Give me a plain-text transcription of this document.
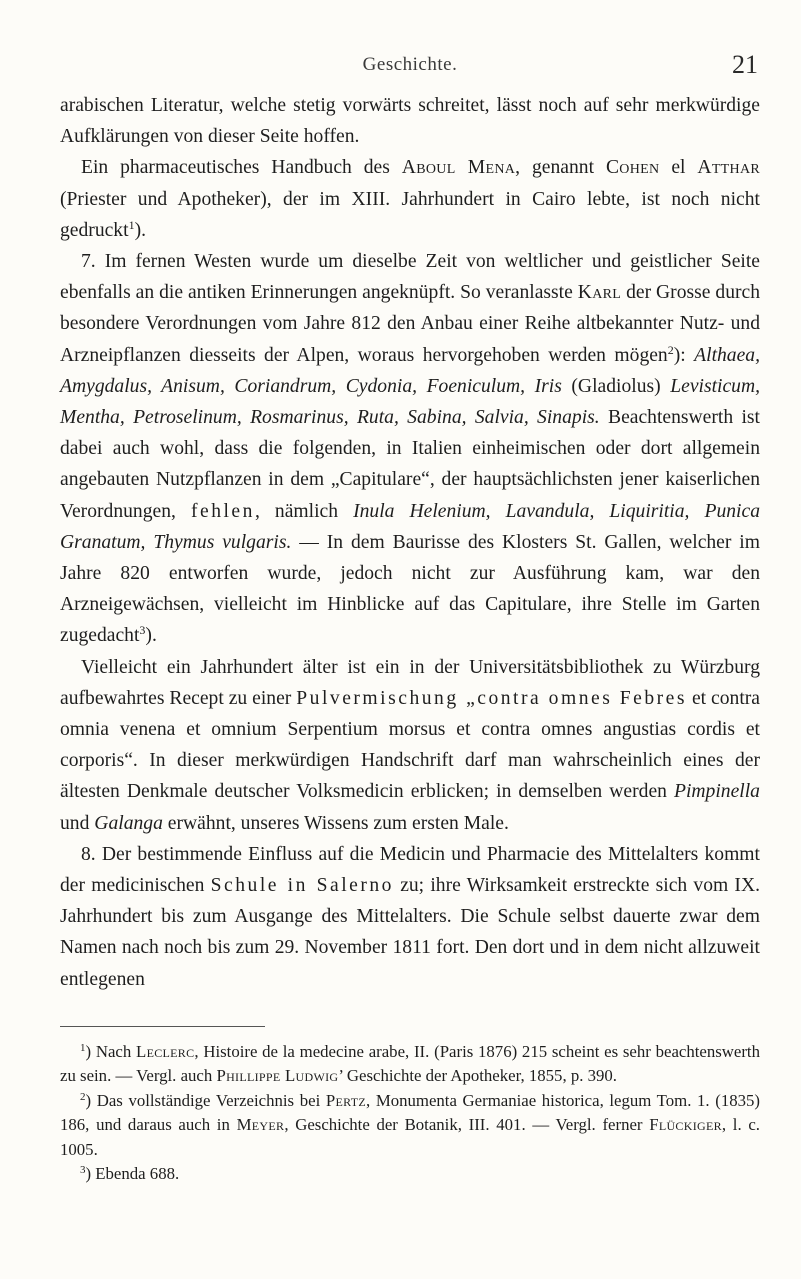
Geschichte.	21

arabischen Literatur, welche stetig vorwärts schreitet, lässt noch auf sehr merkwürdige Aufklärungen von dieser Seite hoffen.

Ein pharmaceutisches Handbuch des Aboul Mena, genannt Cohen el Atthar (Priester und Apotheker), der im XIII. Jahrhundert in Cairo lebte, ist noch nicht gedruckt$^1$).

7. Im fernen Westen wurde um dieselbe Zeit von weltlicher und geistlicher Seite ebenfalls an die antiken Erinnerungen angeknüpft. So veranlasste Karl der Grosse durch besondere Verordnungen vom Jahre 812 den Anbau einer Reihe altbekannter Nutz- und Arzneipflanzen diesseits der Alpen, woraus hervorgehoben werden mögen$^2$): Althaea, Amygdalus, Anisum, Coriandrum, Cydonia, Foeniculum, Iris (Gladiolus) Levisticum, Mentha, Petroselinum, Rosmarinus, Ruta, Sabina, Salvia, Sinapis. Beachtenswerth ist dabei auch wohl, dass die folgenden, in Italien einheimischen oder dort allgemein angebauten Nutzpflanzen in dem „Capitulare“, der hauptsächlichsten jener kaiserlichen Verordnungen, fehlen, nämlich Inula Helenium, Lavandula, Liquiritia, Punica Granatum, Thymus vulgaris. — In dem Baurisse des Klosters St. Gallen, welcher im Jahre 820 entworfen wurde, jedoch nicht zur Ausführung kam, war den Arzneigewächsen, vielleicht im Hinblicke auf das Capitulare, ihre Stelle im Garten zugedacht$^3$).

Vielleicht ein Jahrhundert älter ist ein in der Universitätsbibliothek zu Würzburg aufbewahrtes Recept zu einer Pulvermischung „contra omnes Febres et contra omnia venena et omnium Serpentium morsus et contra omnes angustias cordis et corporis“. In dieser merkwürdigen Handschrift darf man wahrscheinlich eines der ältesten Denkmale deutscher Volksmedicin erblicken; in demselben werden Pimpinella und Galanga erwähnt, unseres Wissens zum ersten Male.

8. Der bestimmende Einfluss auf die Medicin und Pharmacie des Mittelalters kommt der medicinischen Schule in Salerno zu; ihre Wirksamkeit erstreckte sich vom IX. Jahrhundert bis zum Ausgange des Mittelalters. Die Schule selbst dauerte zwar dem Namen nach noch bis zum 29. November 1811 fort. Den dort und in dem nicht allzuweit entlegenen

$^1$) Nach Leclerc, Histoire de la medecine arabe, II. (Paris 1876) 215 scheint es sehr beachtenswerth zu sein. — Vergl. auch Phillippe Ludwig’ Geschichte der Apotheker, 1855, p. 390.

$^2$) Das vollständige Verzeichnis bei Pertz, Monumenta Germaniae historica, legum Tom. 1. (1835) 186, und daraus auch in Meyer, Geschichte der Botanik, III. 401. — Vergl. ferner Flückiger, l. c. 1005.

$^3$) Ebenda 688.
